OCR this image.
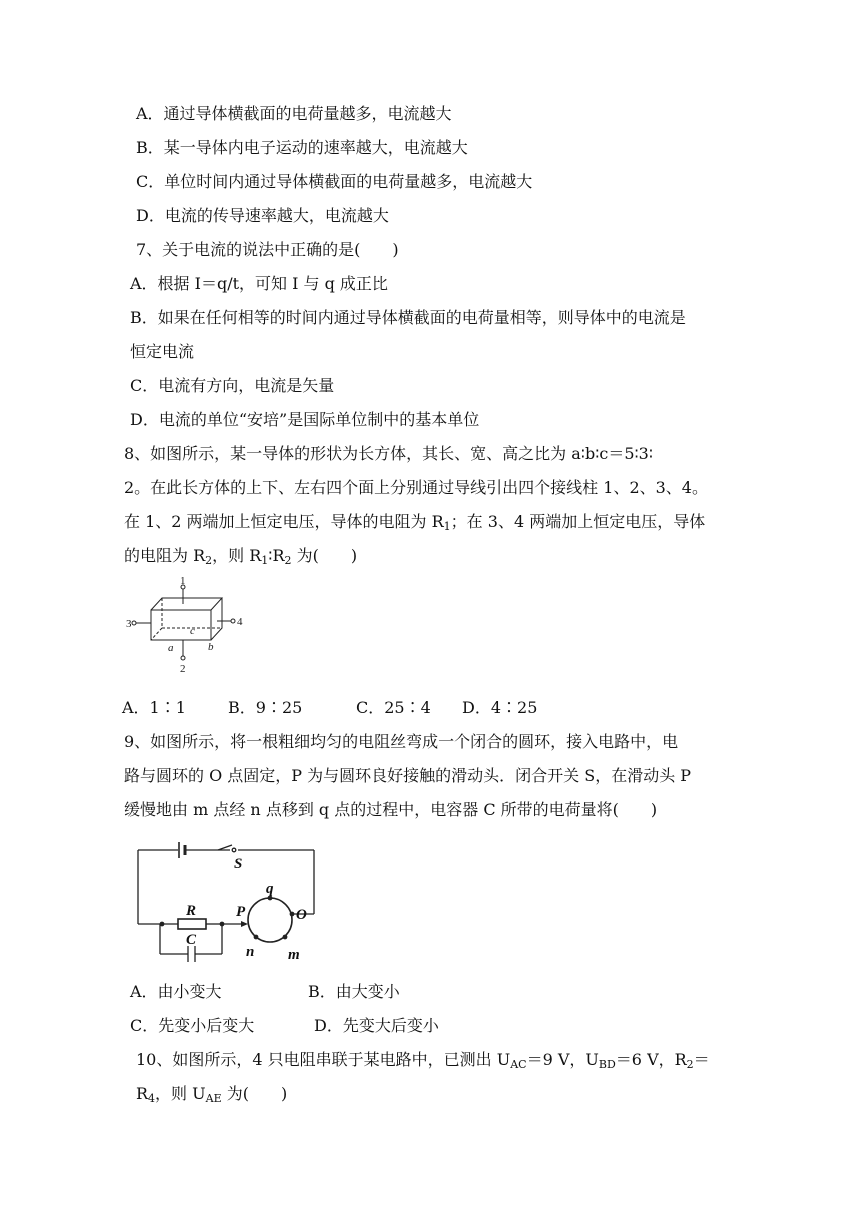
A．通过导体横截面的电荷量越多，电流越大
B．某一导体内电子运动的速率越大，电流越大
C．单位时间内通过导体横截面的电荷量越多，电流越大
D．电流的传导速率越大，电流越大
7、关于电流的说法中正确的是(　　)
A．根据 I＝q/t，可知 I 与 q 成正比
B．如果在任何相等的时间内通过导体横截面的电荷量相等，则导体中的电流是
恒定电流
C．电流有方向，电流是矢量
D．电流的单位“安培”是国际单位制中的基本单位
8、如图所示，某一导体的形状为长方体，其长、宽、高之比为 a∶b∶c＝5∶3∶
2。在此长方体的上下、左右四个面上分别通过导线引出四个接线柱 1、2、3、4。
在 1、2 两端加上恒定电压，导体的电阻为 $R_1$；在 3、4 两端加上恒定电压，导体
的电阻为 $R_2$，则 $R_1∶R_2$ 为(　　)
1
2
3	4
a	b
c
A．1∶1	B．9∶25	C．25∶4 D．4∶25
9、如图所示，将一根粗细均匀的电阻丝弯成一个闭合的圆环，接入电路中，电
路与圆环的 O 点固定，P 为与圆环良好接触的滑动头．闭合开关 S，在滑动头 P
缓慢地由 m 点经 n 点移到 q 点的过程中，电容器 C 所带的电荷量将(　　)
S
R
C
P	O
q
n m
A．由小变大	B．由大变小
C．先变小后变大	D．先变大后变小
10、如图所示，4 只电阻串联于某电路中，已测出 $U_{AC}=9$ V，$U_{BD}=6$ V，$R_2=$
$R_4$，则 $U_{AE}$ 为(　　)
